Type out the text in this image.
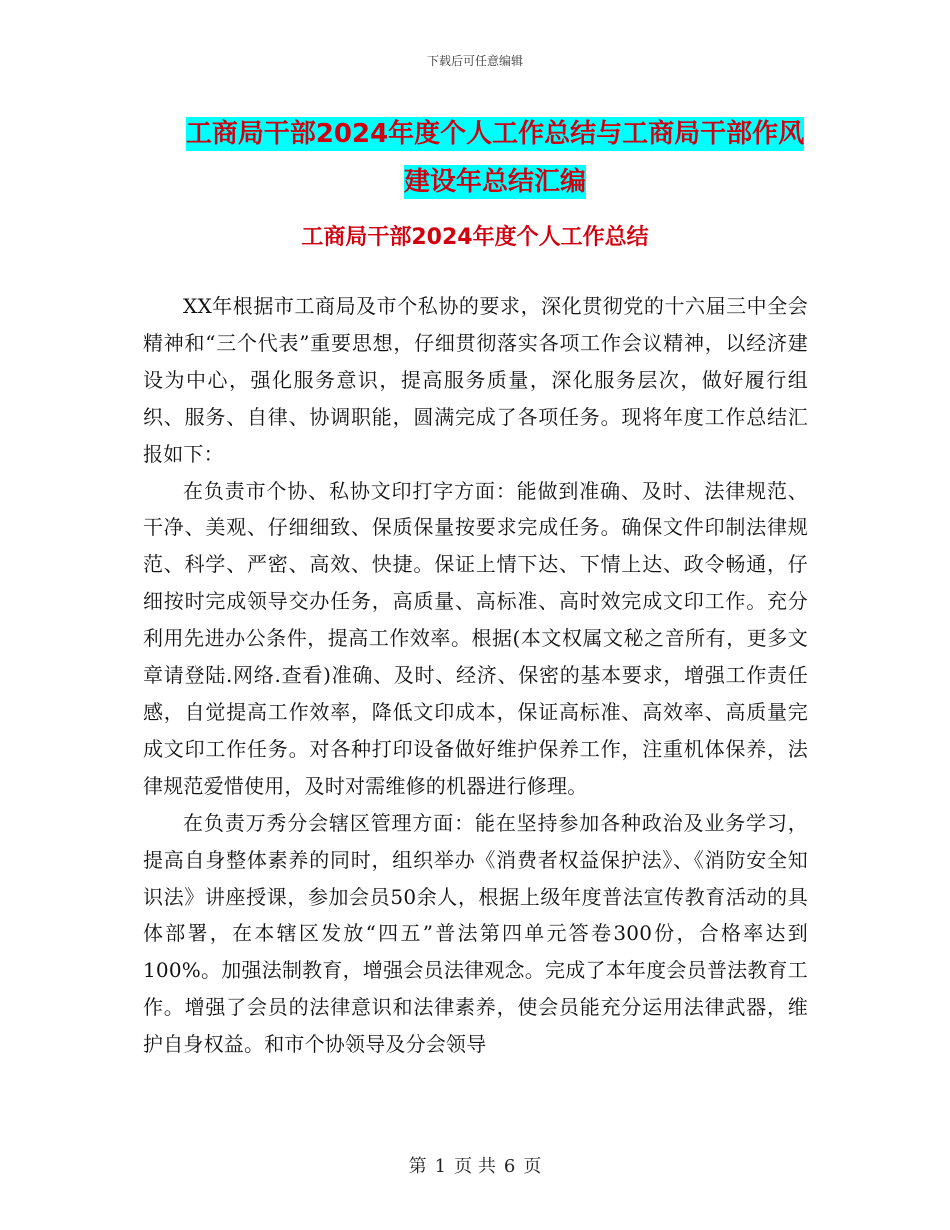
下载后可任意编辑
工商局干部2024年度个人工作总结与工商局干部作风
建设年总结汇编
工商局干部2024年度个人工作总结

XX年根据市工商局及市个私协的要求，深化贯彻党的十六届三中全会精神和“三个代表”重要思想，仔细贯彻落实各项工作会议精神，以经济建设为中心，强化服务意识，提高服务质量，深化服务层次，做好履行组织、服务、自律、协调职能，圆满完成了各项任务。现将年度工作总结汇报如下：

在负责市个协、私协文印打字方面：能做到准确、及时、法律规范、干净、美观、仔细细致、保质保量按要求完成任务。确保文件印制法律规范、科学、严密、高效、快捷。保证上情下达、下情上达、政令畅通，仔细按时完成领导交办任务，高质量、高标准、高时效完成文印工作。充分利用先进办公条件，提高工作效率。根据(本文权属文秘之音所有，更多文章请登陆.网络.查看)准确、及时、经济、保密的基本要求，增强工作责任感，自觉提高工作效率，降低文印成本，保证高标准、高效率、高质量完成文印工作任务。对各种打印设备做好维护保养工作，注重机体保养，法律规范爱惜使用，及时对需维修的机器进行修理。

在负责万秀分会辖区管理方面：能在坚持参加各种政治及业务学习，提高自身整体素养的同时，组织举办《消费者权益保护法》、《消防安全知识法》讲座授课，参加会员50余人，根据上级年度普法宣传教育活动的具体部署，在本辖区发放“四五”普法第四单元答卷300份，合格率达到100%。加强法制教育，增强会员法律观念。完成了本年度会员普法教育工作。增强了会员的法律意识和法律素养，使会员能充分运用法律武器，维护自身权益。和市个协领导及分会领导

第 1 页 共 6 页
